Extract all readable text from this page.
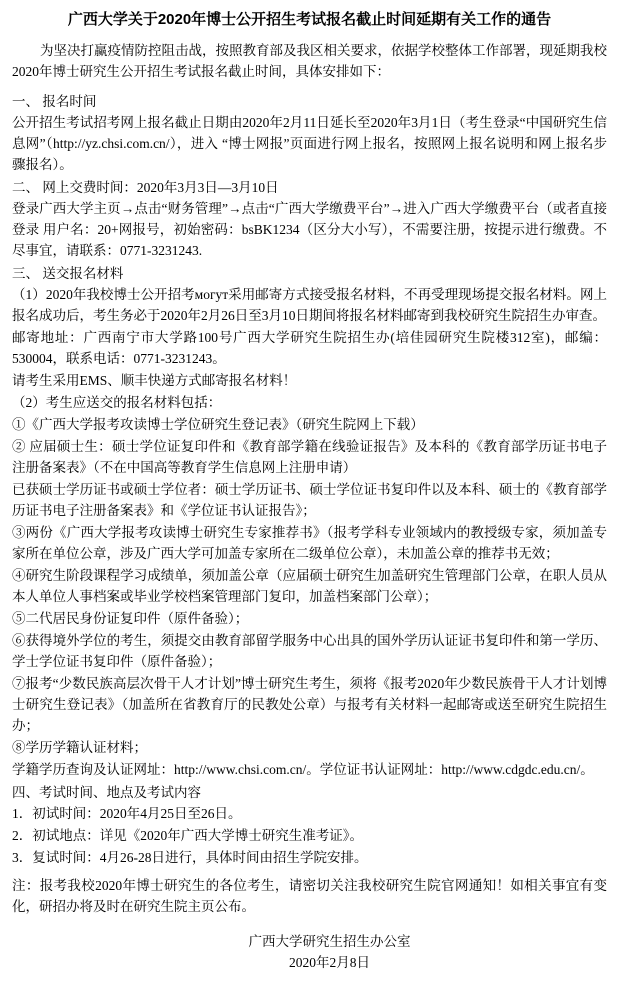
广西大学关于2020年博士公开招生考试报名截止时间延期有关工作的通告

为坚决打赢疫情防控阻击战，按照教育部及我区相关要求，依据学校整体工作部署，现延期我校2020年博士研究生公开招生考试报名截止时间，具体安排如下：

一、 报名时间

公开招生考试招考网上报名截止日期由2020年2月11日延长至2020年3月1日（考生登录“中国研究生信息网”（http://yz.chsi.com.cn/），进入 “博士网报”页面进行网上报名，按照网上报名说明和网上报名步骤报名）。

二、 网上交费时间：2020年3月3日—3月10日

登录广西大学主页→点击“财务管理”→点击“广西大学缴费平台”→进入广西大学缴费平台（或者直接登录 用户名：20+网报号，初始密码：bsBK1234（区分大小写），不需要注册，按提示进行缴费。不尽事宜，请联系：0771-3231243.

三、 送交报名材料

（1）2020年我校博士公开招考могут采用邮寄方式接受报名材料，不再受理现场提交报名材料。网上报名成功后，考生务必于2020年2月26日至3月10日期间将报名材料邮寄到我校研究生院招生办审查。

邮寄地址：广西南宁市大学路100号广西大学研究生院招生办(培佳园研究生院楼312室)，邮编：530004，联系电话：0771-3231243。

请考生采用EMS、顺丰快递方式邮寄报名材料！

（2）考生应送交的报名材料包括：

①《广西大学报考攻读博士学位研究生登记表》（研究生院网上下载）

② 应届硕士生：硕士学位证复印件和《教育部学籍在线验证报告》及本科的《教育部学历证书电子注册备案表》（不在中国高等教育学生信息网上注册申请）

已获硕士学历证书或硕士学位者：硕士学历证书、硕士学位证书复印件以及本科、硕士的《教育部学历证书电子注册备案表》和《学位证书认证报告》；

③两份《广西大学报考攻读博士研究生专家推荐书》（报考学科专业领域内的教授级专家，须加盖专家所在单位公章，涉及广西大学可加盖专家所在二级单位公章），未加盖公章的推荐书无效；

④研究生阶段课程学习成绩单，须加盖公章（应届硕士研究生加盖研究生管理部门公章，在职人员从本人单位人事档案或毕业学校档案管理部门复印，加盖档案部门公章）；

⑤二代居民身份证复印件（原件备验）；

⑥获得境外学位的考生，须提交由教育部留学服务中心出具的国外学历认证证书复印件和第一学历、学士学位证书复印件（原件备验）；

⑦报考“少数民族高层次骨干人才计划”博士研究生考生，须将《报考2020年少数民族骨干人才计划博士研究生登记表》（加盖所在省教育厅的民教处公章）与报考有关材料一起邮寄或送至研究生院招生办；

⑧学历学籍认证材料；

学籍学历查询及认证网址：http://www.chsi.com.cn/。学位证书认证网址：http://www.cdgdc.edu.cn/。

四、考试时间、地点及考试内容

1．初试时间：2020年4月25日至26日。

2．初试地点：详见《2020年广西大学博士研究生准考证》。

3．复试时间：4月26-28日进行，具体时间由招生学院安排。

注：报考我校2020年博士研究生的各位考生，请密切关注我校研究生院官网通知！如相关事宜有变化，研招办将及时在研究生院主页公布。

广西大学研究生招生办公室
2020年2月8日
